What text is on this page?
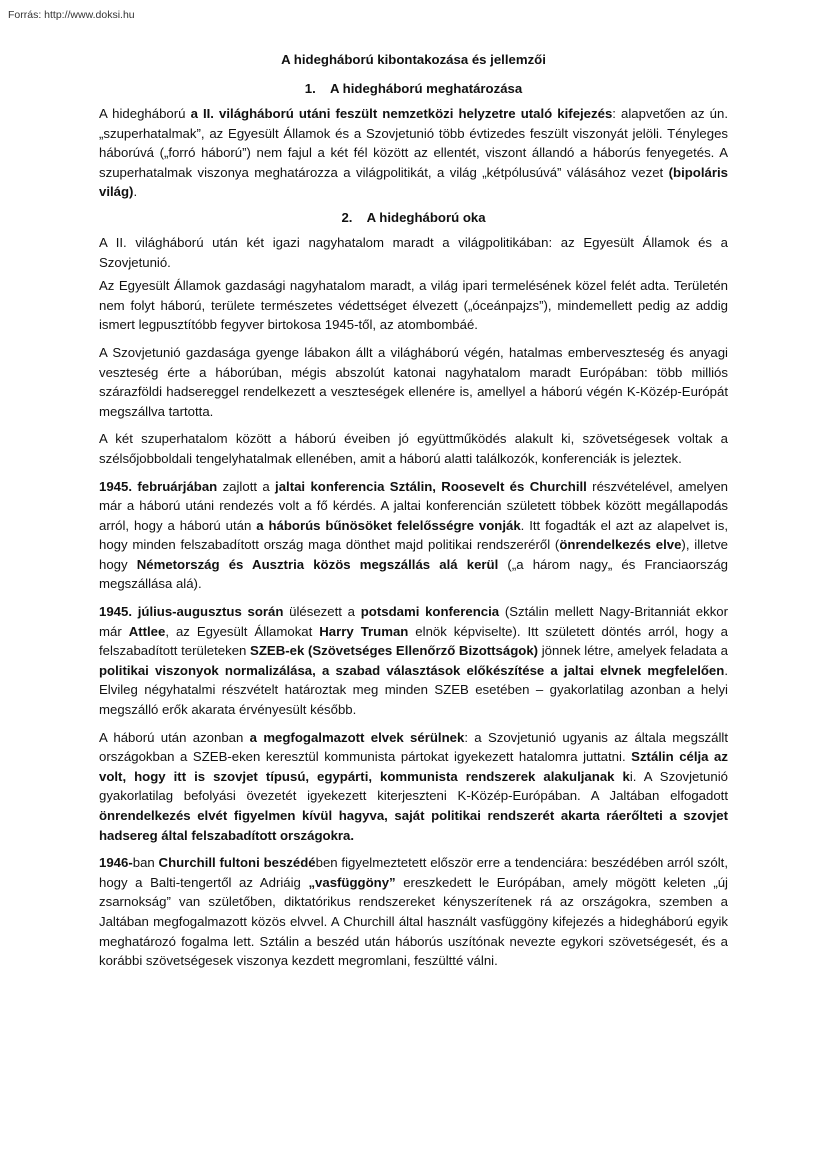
Forrás: http://www.doksi.hu
A hidegháború kibontakozása és jellemzői
1. A hidegháború meghatározása

A hidegháború a II. világháború utáni feszült nemzetközi helyzetre utaló kifejezés: alapvetően az ún. „szuperhatalmak”, az Egyesült Államok és a Szovjetunió több évtizedes feszült viszonyát jelöli. Tényleges háborúvá („forró háború”) nem fajul a két fél között az ellentét, viszont állandó a háborús fenyegetés. A szuperhatalmak viszonya meghatározza a világpolitikát, a világ „kétpólusúvá” válásához vezet (bipoláris világ).

2. A hidegháború oka

A II. világháború után két igazi nagyhatalom maradt a világpolitikában: az Egyesült Államok és a Szovjetunió.

Az Egyesült Államok gazdasági nagyhatalom maradt, a világ ipari termelésének közel felét adta. Területén nem folyt háború, területe természetes védettséget élvezett („óceánpajzs”), mindemellett pedig az addig ismert legpusztítóbb fegyver birtokosa 1945-től, az atombombáé.

A Szovjetunió gazdasága gyenge lábakon állt a világháború végén, hatalmas emberveszteség és anyagi veszteség érte a háborúban, mégis abszolút katonai nagyhatalom maradt Európában: több milliós szárazföldi hadsereggel rendelkezett a veszteségek ellenére is, amellyel a háború végén K-Közép-Európát megszállva tartotta.

A két szuperhatalom között a háború éveiben jó együttműködés alakult ki, szövetségesek voltak a szélsőjobboldali tengelyhatalmak ellenében, amit a háború alatti találkozók, konferenciák is jeleztek.

1945. februárjában zajlott a jaltai konferencia Sztálin, Roosevelt és Churchill részvételével, amelyen már a háború utáni rendezés volt a fő kérdés. A jaltai konferencián született többek között megállapodás arról, hogy a háború után a háborús bűnösöket felelősségre vonják. Itt fogadták el azt az alapelvet is, hogy minden felszabadított ország maga dönthet majd politikai rendszeréről (önrendelkezés elve), illetve hogy Németország és Ausztria közös megszállás alá kerül („a három nagy„ és Franciaország megszállása alá).

1945. július-augusztus során ülésezett a potsdami konferencia (Sztálin mellett Nagy-Britanniát ekkor már Attlee, az Egyesült Államokat Harry Truman elnök képviselte). Itt született döntés arról, hogy a felszabadított területeken SZEB-ek (Szövetséges Ellenőrző Bizottságok) jönnek létre, amelyek feladata a politikai viszonyok normalizálása, a szabad választások előkészítése a jaltai elvnek megfelelően. Elvileg négyhatalmi részvételt határoztak meg minden SZEB esetében – gyakorlatilag azonban a helyi megszálló erők akarata érvényesült később.

A háború után azonban a megfogalmazott elvek sérülnek: a Szovjetunió ugyanis az általa megszállt országokban a SZEB-eken keresztül kommunista pártokat igyekezett hatalomra juttatni. Sztálin célja az volt, hogy itt is szovjet típusú, egypárti, kommunista rendszerek alakuljanak ki. A Szovjetunió gyakorlatilag befolyási övezetét igyekezett kiterjeszteni K-Közép-Európában. A Jaltában elfogadott önrendelkezés elvét figyelmen kívül hagyva, saját politikai rendszerét akarta ráerőlteti a szovjet hadsereg által felszabadított országokra.

1946-ban Churchill fultoni beszédében figyelmeztetett először erre a tendenciára: beszédében arról szólt, hogy a Balti-tengertől az Adriáig „vasfüggöny” ereszkedett le Európában, amely mögött keleten „új zsarnokság” van születőben, diktatórikus rendszereket kényszerítenek rá az országokra, szemben a Jaltában megfogalmazott közös elvvel. A Churchill által használt vasfüggöny kifejezés a hidegháború egyik meghatározó fogalma lett. Sztálin a beszéd után háborús uszítónak nevezte egykori szövetségesét, és a korábbi szövetségesek viszonya kezdett megromlani, feszültté válni.
